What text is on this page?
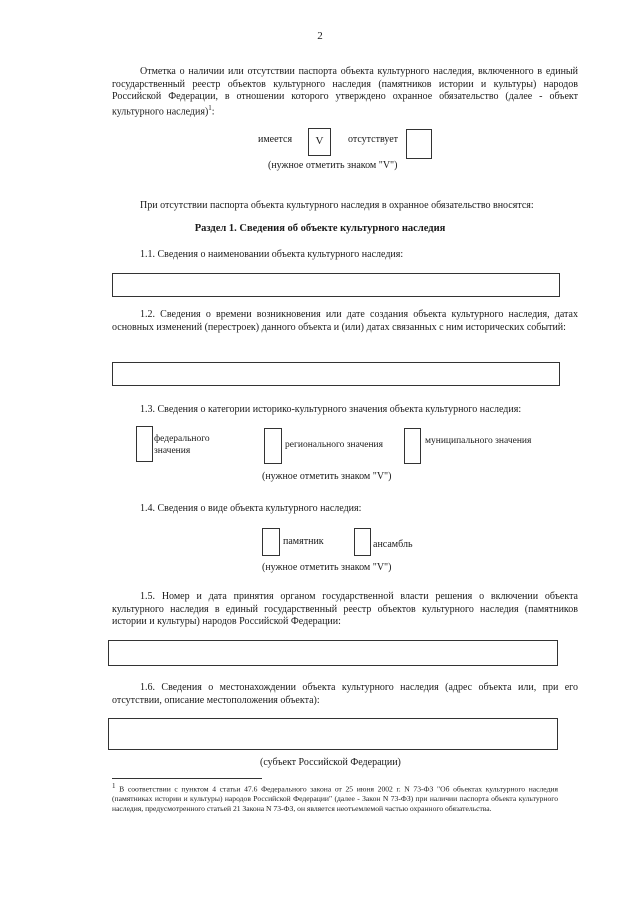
2
Отметка о наличии или отсутствии паспорта объекта культурного наследия, включенного в единый государственный реестр объектов культурного наследия (памятников истории и культуры) народов Российской Федерации, в отношении которого утверждено охранное обязательство (далее - объект культурного наследия)$^1$:
имеется	V	отсутствует
(нужное отметить знаком "V")
При отсутствии паспорта объекта культурного наследия в охранное обязательство вносятся:
Раздел 1. Сведения об объекте культурного наследия
1.1. Сведения о наименовании объекта культурного наследия:
1.2. Сведения о времени возникновения или дате создания объекта культурного наследия, датах основных изменений (перестроек) данного объекта и (или) датах связанных с ним исторических событий:
1.3. Сведения о категории историко-культурного значения объекта культурного наследия:
федерального
значения
регионального значения	муниципального значения
(нужное отметить знаком "V")
1.4. Сведения о виде объекта культурного наследия:
памятник	ансамбль
(нужное отметить знаком "V")
1.5. Номер и дата принятия органом государственной власти решения о включении объекта культурного наследия в единый государственный реестр объектов культурного наследия (памятников истории и культуры) народов Российской Федерации:
1.6. Сведения о местонахождении объекта культурного наследия (адрес объекта или, при его отсутствии, описание местоположения объекта):
(субъект Российской Федерации)
1 В соответствии с пунктом 4 статьи 47.6 Федерального закона от 25 июня 2002 г. N 73-ФЗ "Об объектах культурного наследия (памятниках истории и культуры) народов Российской Федерации" (далее - Закон N 73-ФЗ) при наличии паспорта объекта культурного наследия, предусмотренного статьей 21 Закона N 73-ФЗ, он является неотъемлемой частью охранного обязательства.
